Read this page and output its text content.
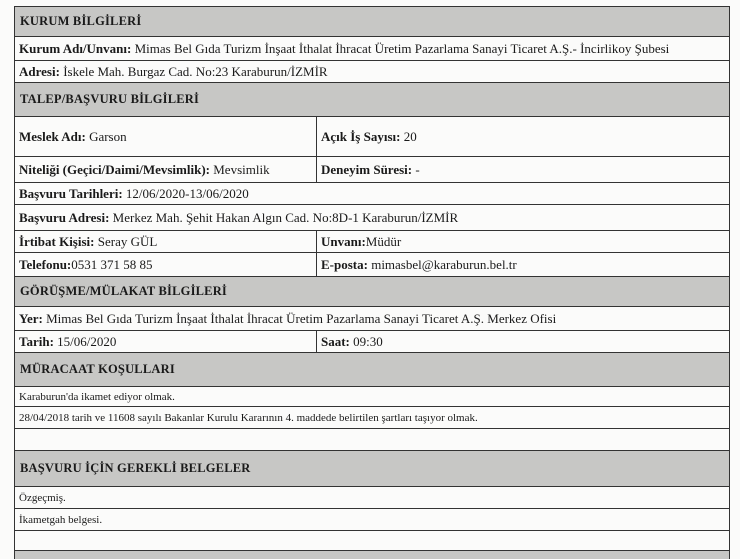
KURUM BİLGİLERİ
Kurum Adı/Unvanı: Mimas Bel Gıda Turizm İnşaat İthalat İhracat Üretim Pazarlama Sanayi Ticaret A.Ş.- İncirlikoy Şubesi
Adresi: İskele Mah. Burgaz Cad. No:23 Karaburun/İZMİR
TALEP/BAŞVURU BİLGİLERİ
Meslek Adı: Garson	Açık İş Sayısı: 20
Niteliği (Geçici/Daimi/Mevsimlik): Mevsimlik	Deneyim Süresi: -
Başvuru Tarihleri: 12/06/2020-13/06/2020
Başvuru Adresi: Merkez Mah. Şehit Hakan Algın Cad. No:8D-1 Karaburun/İZMİR
İrtibat Kişisi: Seray GÜL	Unvanı: Müdür
Telefonu: 0531 371 58 85	E-posta: mimasbel@karaburun.bel.tr
GÖRÜŞME/MÜLAKAT BİLGİLERİ
Yer: Mimas Bel Gıda Turizm İnşaat İthalat İhracat Üretim Pazarlama Sanayi Ticaret A.Ş. Merkez Ofisi
Tarih: 15/06/2020	Saat: 09:30
MÜRACAAT KOŞULLARI
Karaburun'da ikamet ediyor olmak.
28/04/2018 tarih ve 11608 sayılı Bakanlar Kurulu Kararının 4. maddede belirtilen şartları taşıyor olmak.
BAŞVURU İÇİN GEREKLİ BELGELER
Özgeçmiş.
İkametgah belgesi.
